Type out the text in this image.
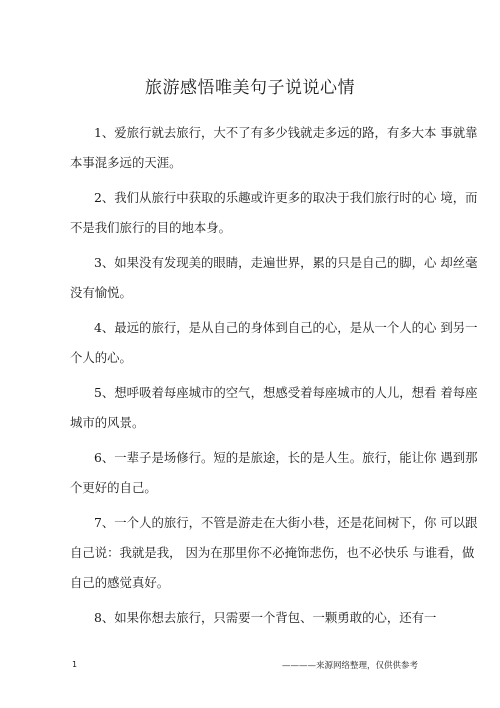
旅游感悟唯美句子说说心情
1、爱旅行就去旅行，大不了有多少钱就走多远的路，有多大本 事就靠
本事混多远的天涯。
2、我们从旅行中获取的乐趣或许更多的取决于我们旅行时的心 境，而
不是我们旅行的目的地本身。
3、如果没有发现美的眼睛，走遍世界，累的只是自己的脚，心 却丝毫
没有愉悦。
4、最远的旅行，是从自己的身体到自己的心，是从一个人的心 到另一
个人的心。
5、想呼吸着每座城市的空气，想感受着每座城市的人儿，想看 着每座
城市的风景。
6、一辈子是场修行。短的是旅途，长的是人生。旅行，能让你 遇到那
个更好的自己。
7、一个人的旅行，不管是游走在大街小巷，还是花间树下，你 可以跟
自己说：我就是我， 因为在那里你不必掩饰悲伤，也不必快乐 与谁看，做
自己的感觉真好。
8、如果你想去旅行，只需要一个背包、一颗勇敢的心，还有一
1	————来源网络整理，仅供供参考
